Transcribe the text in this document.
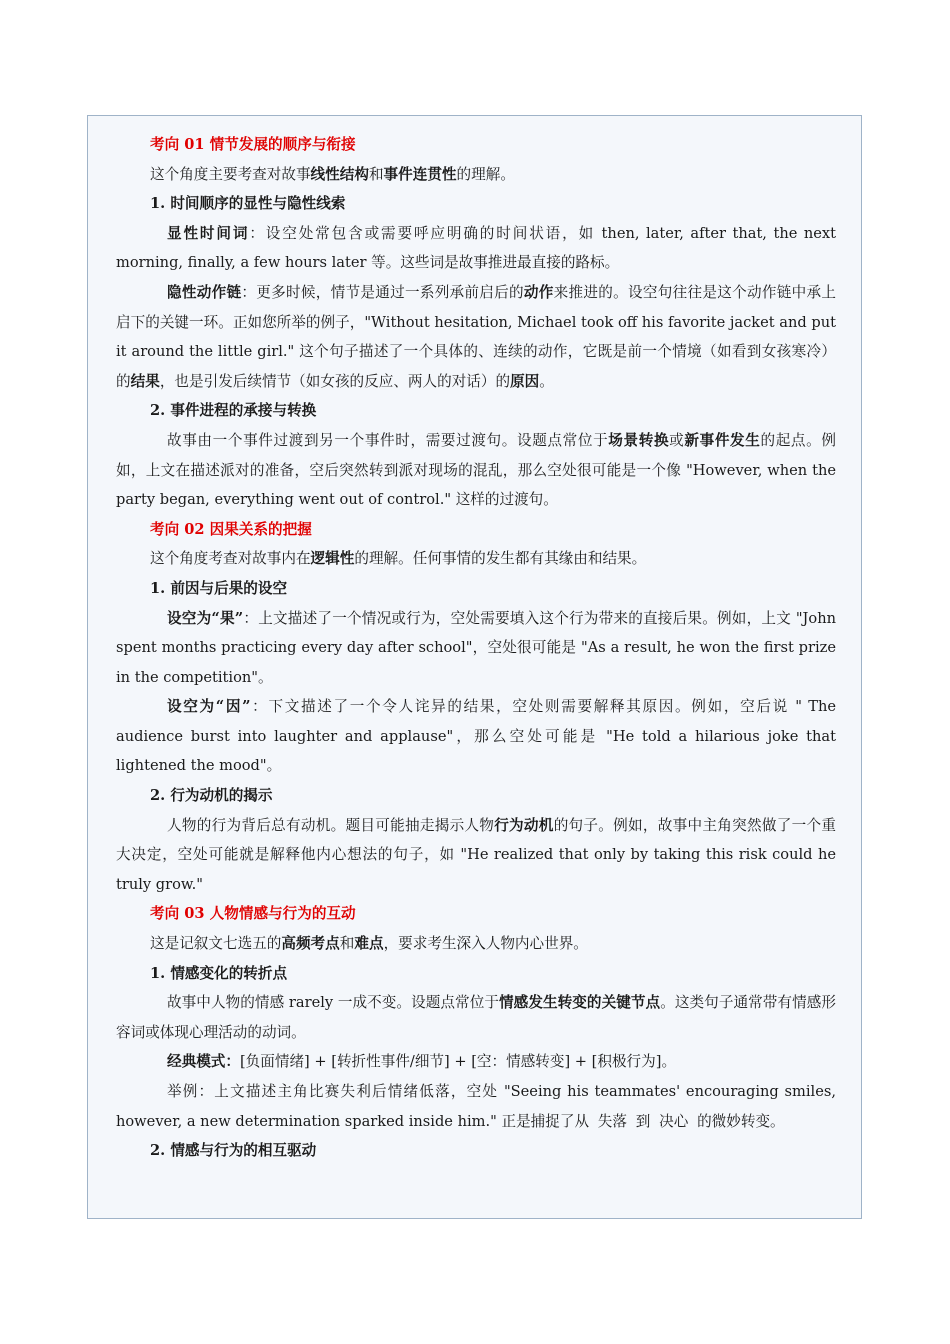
考向 01 情节发展的顺序与衔接

这个角度主要考查对故事线性结构和事件连贯性的理解。

1. 时间顺序的显性与隐性线索

显性时间词：设空处常包含或需要呼应明确的时间状语，如 then, later, after that, the next morning, finally, a few hours later 等。这些词是故事推进最直接的路标。

隐性动作链：更多时候，情节是通过一系列承前启后的动作来推进的。设空句往往是这个动作链中承上启下的关键一环。正如您所举的例子，"Without hesitation, Michael took off his favorite jacket and put it around the little girl." 这个句子描述了一个具体的、连续的动作，它既是前一个情境（如看到女孩寒冷）的结果，也是引发后续情节（如女孩的反应、两人的对话）的原因。

2. 事件进程的承接与转换

故事由一个事件过渡到另一个事件时，需要过渡句。设题点常位于场景转换或新事件发生的起点。例如，上文在描述派对的准备，空后突然转到派对现场的混乱，那么空处很可能是一个像 "However, when the party began, everything went out of control." 这样的过渡句。

考向 02 因果关系的把握

这个角度考查对故事内在逻辑性的理解。任何事情的发生都有其缘由和结果。

1. 前因与后果的设空

设空为“果”：上文描述了一个情况或行为，空处需要填入这个行为带来的直接后果。例如，上文 "John spent months practicing every day after school"，空处很可能是 "As a result, he won the first prize in the competition"。

设空为“因”：下文描述了一个令人诧异的结果，空处则需要解释其原因。例如，空后说 " The audience burst into laughter and applause"，那么空处可能是 "He told a hilarious joke that lightened the mood"。

2. 行为动机的揭示

人物的行为背后总有动机。题目可能抽走揭示人物行为动机的句子。例如，故事中主角突然做了一个重大决定，空处可能就是解释他内心想法的句子，如 "He realized that only by taking this risk could he truly grow."

考向 03 人物情感与行为的互动

这是记叙文七选五的高频考点和难点，要求考生深入人物内心世界。

1. 情感变化的转折点

故事中人物的情感 rarely 一成不变。设题点常位于情感发生转变的关键节点。这类句子通常带有情感形容词或体现心理活动的动词。

经典模式：[负面情绪] + [转折性事件/细节] + [空：情感转变] + [积极行为]。

举例：上文描述主角比赛失利后情绪低落，空处 "Seeing his teammates' encouraging smiles, however, a new determination sparked inside him." 正是捕捉了从 失落 到 决心 的微妙转变。

2. 情感与行为的相互驱动
